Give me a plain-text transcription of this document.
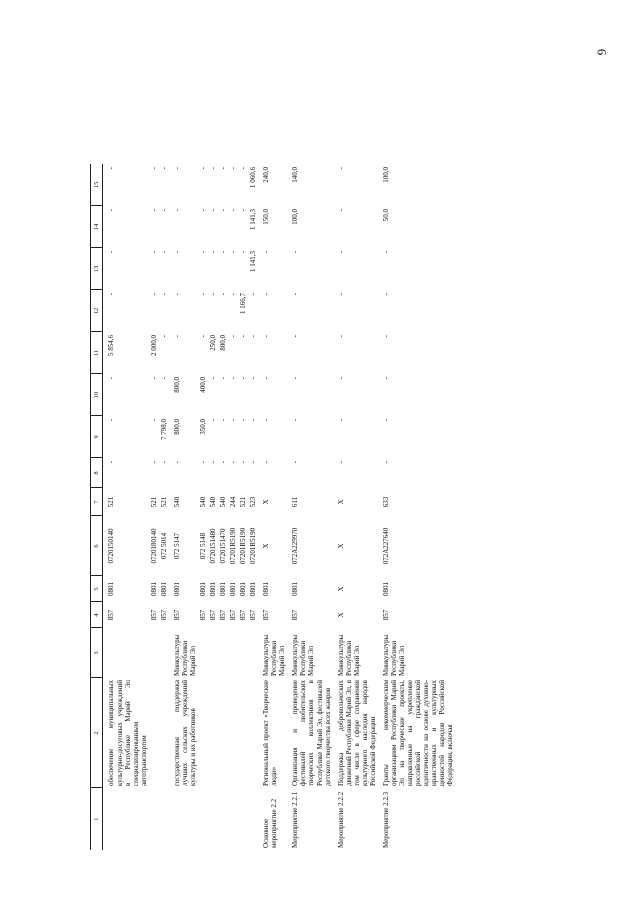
6
1	2	3	4	5	6	7	8	9	10	11	12	13	14	15
	обеспечение муниципальных культурно-досуговых учреждений в Республике Марий Эл специализированным автотранспортом		857	0801	0720150140	521	-	-	-	5 854,6	-	-	-	-
			857	0801	0720180140	521	-	-	-	2 000,0	-	-	-	-
			857	0801	072 5014	521	-	7 798,0	-	-	-	-	-	-
	государственная поддержка лучших сельских учреждений культуры и их работников	Минкультуры Республики Марий Эл	857	0801	072 5147	540	-	800,0	800,0	-	-	-	-	-
			857	0801	072 5148	540	-	350,0	400,0	-	-	-	-	-
			857	0801	0720151480	540	-	-	-	250,0	-	-	-	-
			857	0801	0720151470	540	-	-	-	800,0	-	-	-	-
			857	0801	07201R5190	244	-	-	-	-	-	-	-	-
			857	0801	07201R5190	521	-	-	-	-	1 166,7	-	-	-
			857	0801	07201R5190	523	-	-	-	-	-	1 141,3	1 141,3	1 060,6
Основное мероприятие 2.2	Региональный проект «Творческие люди»	Минкультуры Республики Марий Эл	857	0801	X	X	-	-	-	-	-	-	150,0	240,0
Мероприятие 2.2.1	Организация и проведение фестивалей любительских творческих коллективов в Республике Марий Эл, фестивалей детского творчества всех жанров	Минкультуры Республики Марий Эл	857	0801	072A229970	611	-	-	-	-	-	-	100,0	140,0
Мероприятие 2.2.2	Поддержка добровольческих движений Республики Марий Эл, в том числе в сфере сохранения культурного наследия народов Российской Федерации	Минкультуры Республики Марий Эл	X	X	X	X	-	-	-	-	-	-	-	-
Мероприятие 2.2.3	Гранты некоммерческим организациям Республики Марий Эл на творческие проекты, направленные на укрепление российской гражданской идентичности на основе духовно-нравственных и культурных ценностей народов Российской Федерации, включая	Минкультуры Республики Марий Эл	857	0801	072A227640	633	-	-	-	-	-	-	50,0	100,0
